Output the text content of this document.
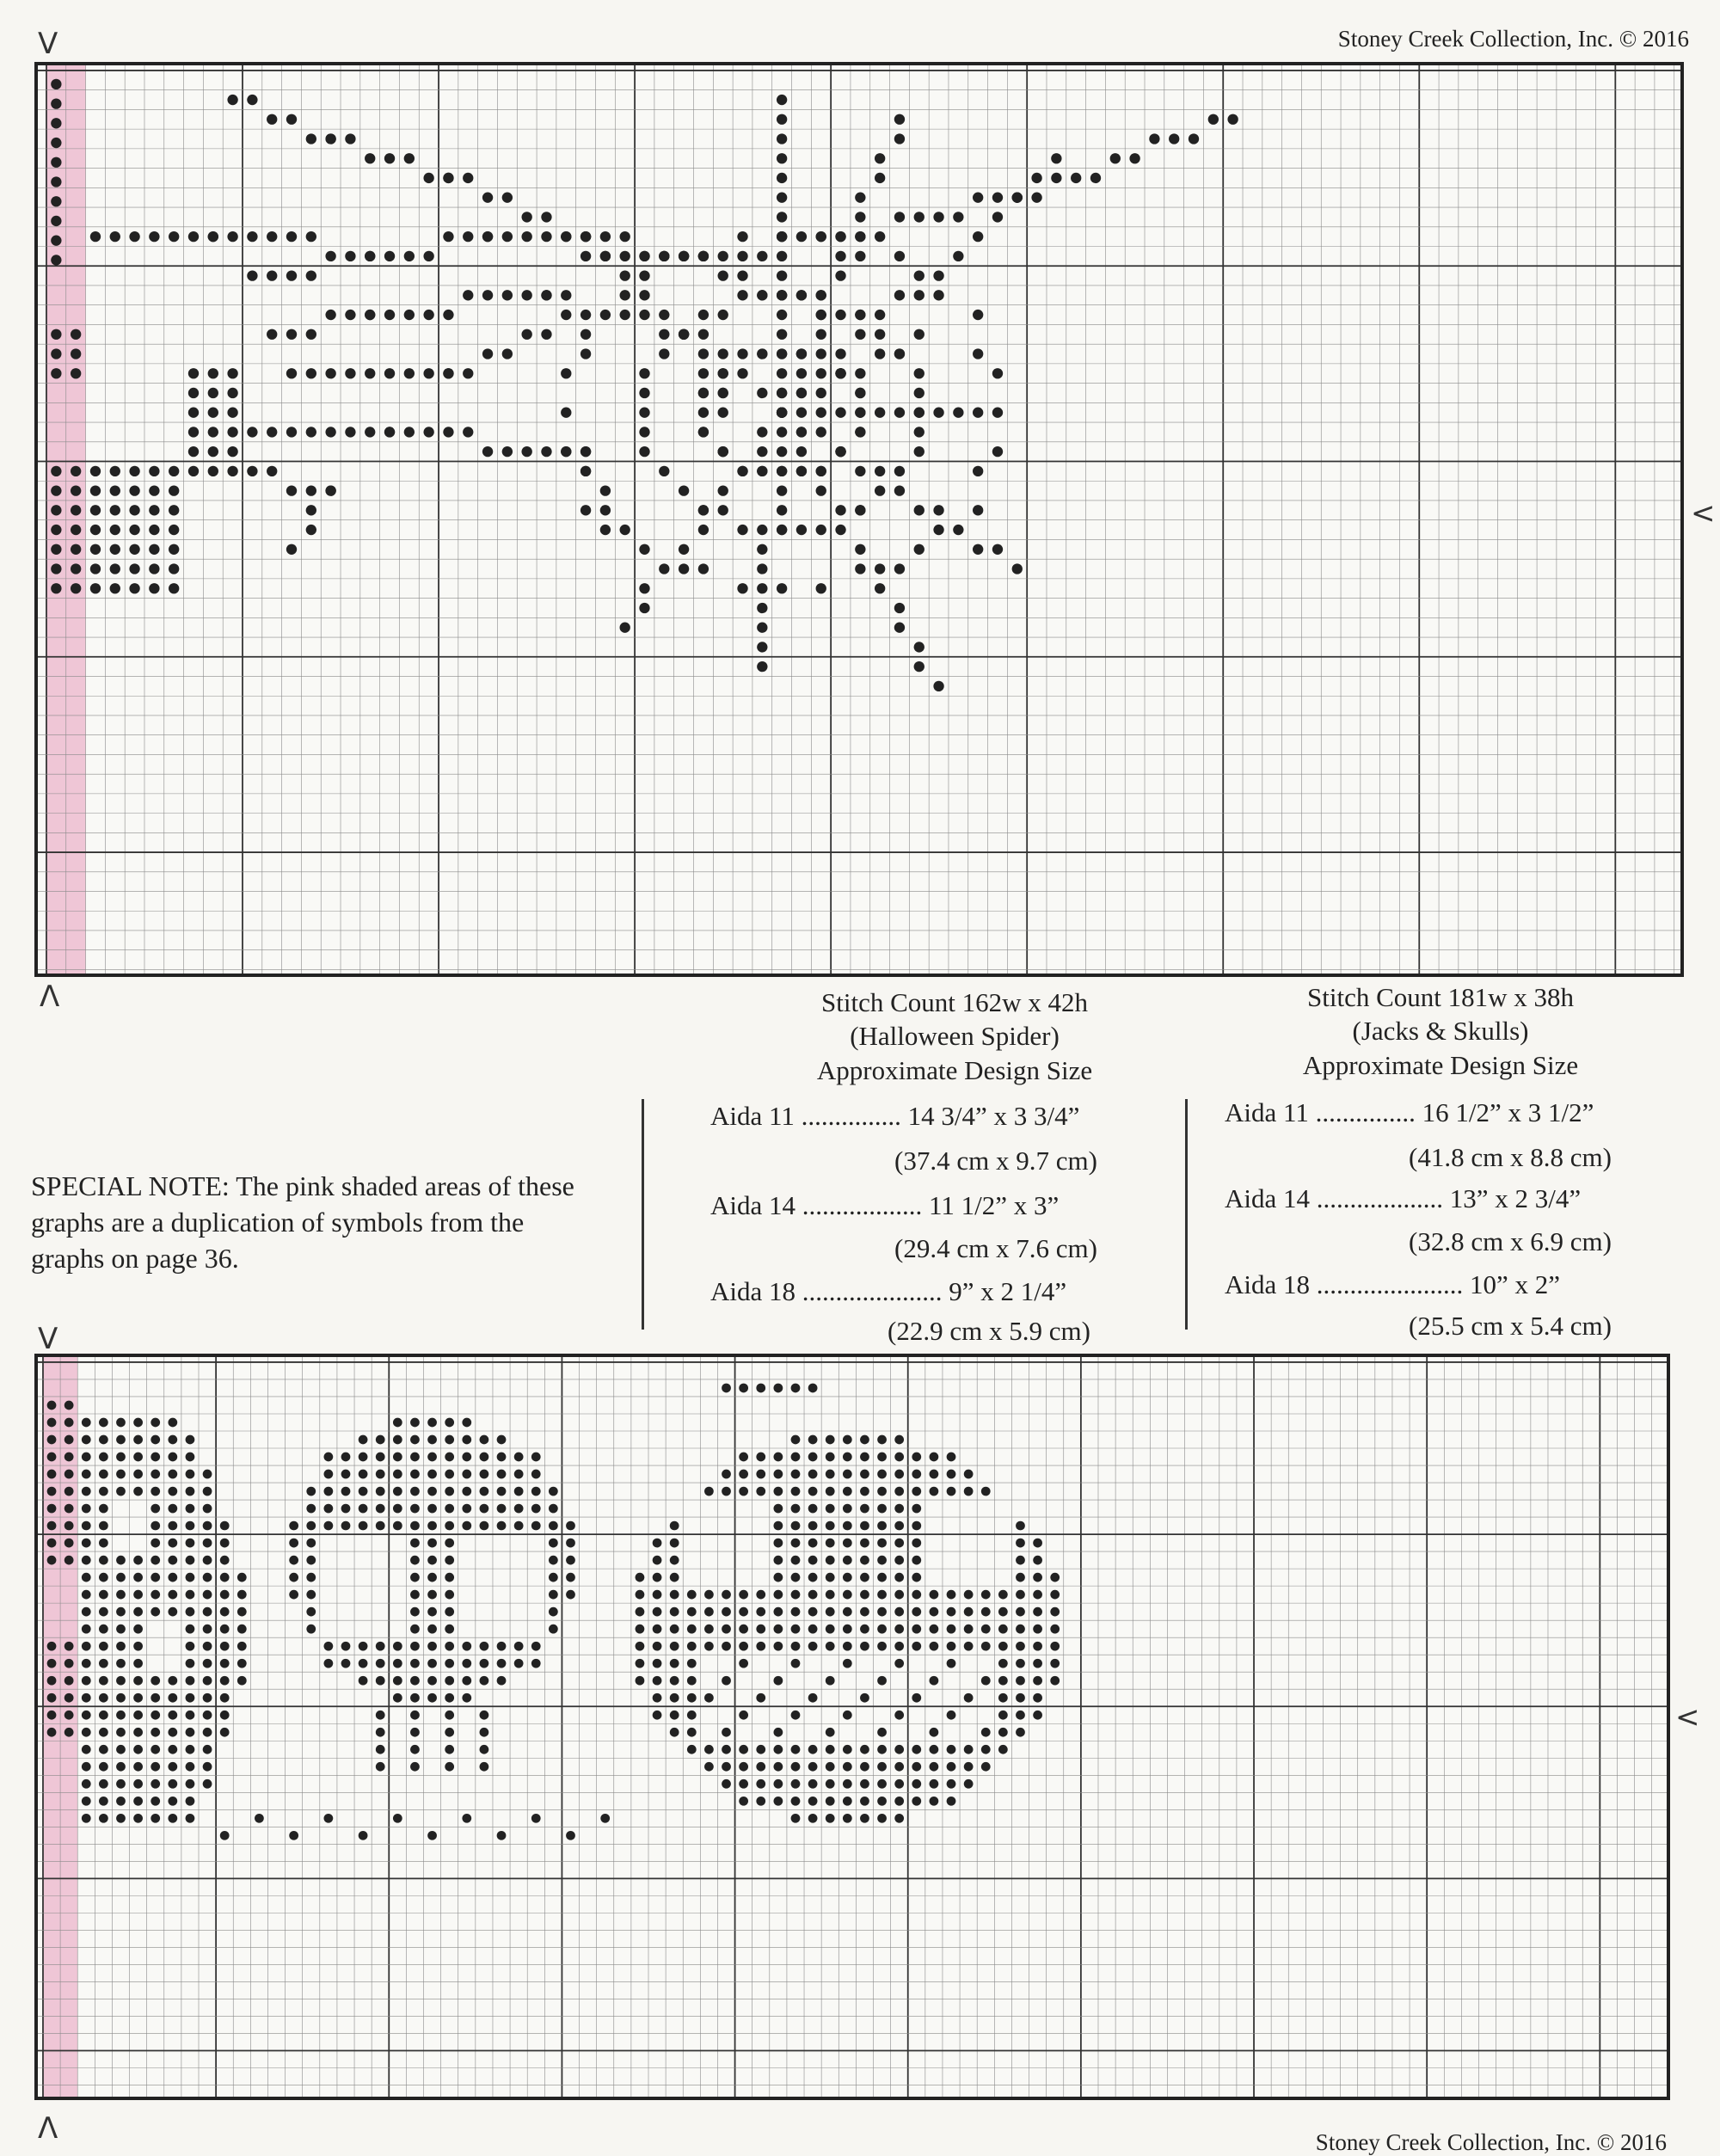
Stoney Creek Collection, Inc. © 2016
V
Λ
<
Stitch Count 162w x 42h
(Halloween Spider)
Approximate Design Size
Aida 11 ............... 14 3/4” x 3 3/4”
(37.4 cm x 9.7 cm)
Aida 14 .................. 11 1/2” x 3”
(29.4 cm x 7.6 cm)
Aida 18 ..................... 9” x 2 1/4”
(22.9 cm x 5.9 cm)
Stitch Count 181w x 38h
(Jacks & Skulls)
Approximate Design Size
Aida 11 ............... 16 1/2” x 3 1/2”
(41.8 cm x 8.8 cm)
Aida 14 ................... 13” x 2 3/4”
(32.8 cm x 6.9 cm)
Aida 18 ...................... 10” x 2”
(25.5 cm x 5.4 cm)
SPECIAL NOTE: The pink shaded areas of these graphs are a duplication of symbols from the graphs on page 36.
V
Λ
<
Stoney Creek Collection, Inc. © 2016
